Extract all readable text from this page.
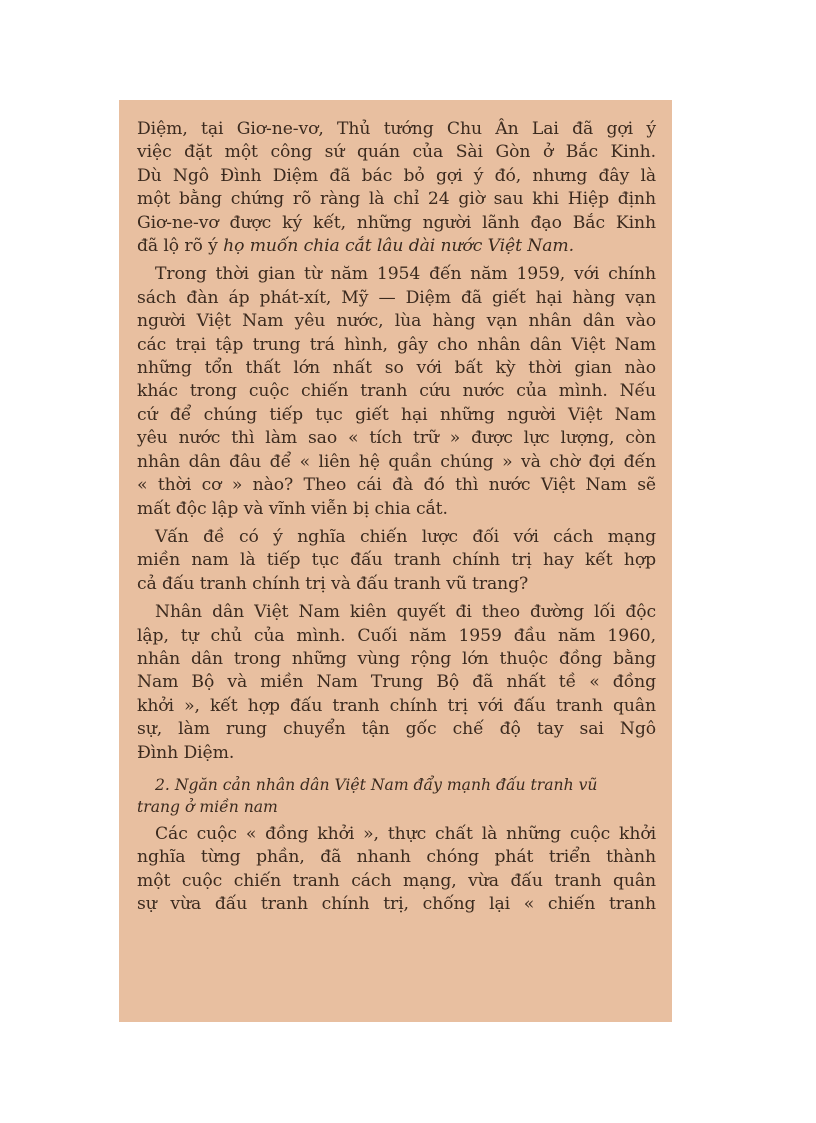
Diệm, tại Giơ-ne-vơ, Thủ tướng Chu Ân Lai đã gợi ý
việc đặt một công sứ quán của Sài Gòn ở Bắc Kinh.
Dù Ngô Đình Diệm đã bác bỏ gợi ý đó, nhưng đây là
một bằng chứng rõ ràng là chỉ 24 giờ sau khi Hiệp định
Giơ-ne-vơ được ký kết, những người lãnh đạo Bắc Kinh
đã lộ rõ ý họ muốn chia cắt lâu dài nước Việt Nam.

Trong thời gian từ năm 1954 đến năm 1959, với chính
sách đàn áp phát-xít, Mỹ — Diệm đã giết hại hàng vạn
người Việt Nam yêu nước, lùa hàng vạn nhân dân vào
các trại tập trung trá hình, gây cho nhân dân Việt Nam
những tổn thất lớn nhất so với bất kỳ thời gian nào
khác trong cuộc chiến tranh cứu nước của mình. Nếu
cứ để chúng tiếp tục giết hại những người Việt Nam
yêu nước thì làm sao « tích trữ » được lực lượng, còn
nhân dân đâu để « liên hệ quần chúng » và chờ đợi đến
« thời cơ » nào? Theo cái đà đó thì nước Việt Nam sẽ
mất độc lập và vĩnh viễn bị chia cắt.

Vấn đề có ý nghĩa chiến lược đối với cách mạng
miền nam là tiếp tục đấu tranh chính trị hay kết hợp
cả đấu tranh chính trị và đấu tranh vũ trang?

Nhân dân Việt Nam kiên quyết đi theo đường lối độc
lập, tự chủ của mình. Cuối năm 1959 đầu năm 1960,
nhân dân trong những vùng rộng lớn thuộc đồng bằng
Nam Bộ và miền Nam Trung Bộ đã nhất tề « đồng
khởi », kết hợp đấu tranh chính trị với đấu tranh quân
sự, làm rung chuyển tận gốc chế độ tay sai Ngô
Đình Diệm.

2. Ngăn cản nhân dân Việt Nam đẩy mạnh đấu tranh vũ
trang ở miền nam

Các cuộc « đồng khởi », thực chất là những cuộc khởi
nghĩa từng phần, đã nhanh chóng phát triển thành
một cuộc chiến tranh cách mạng, vừa đấu tranh quân
sự vừa đấu tranh chính trị, chống lại « chiến tranh
